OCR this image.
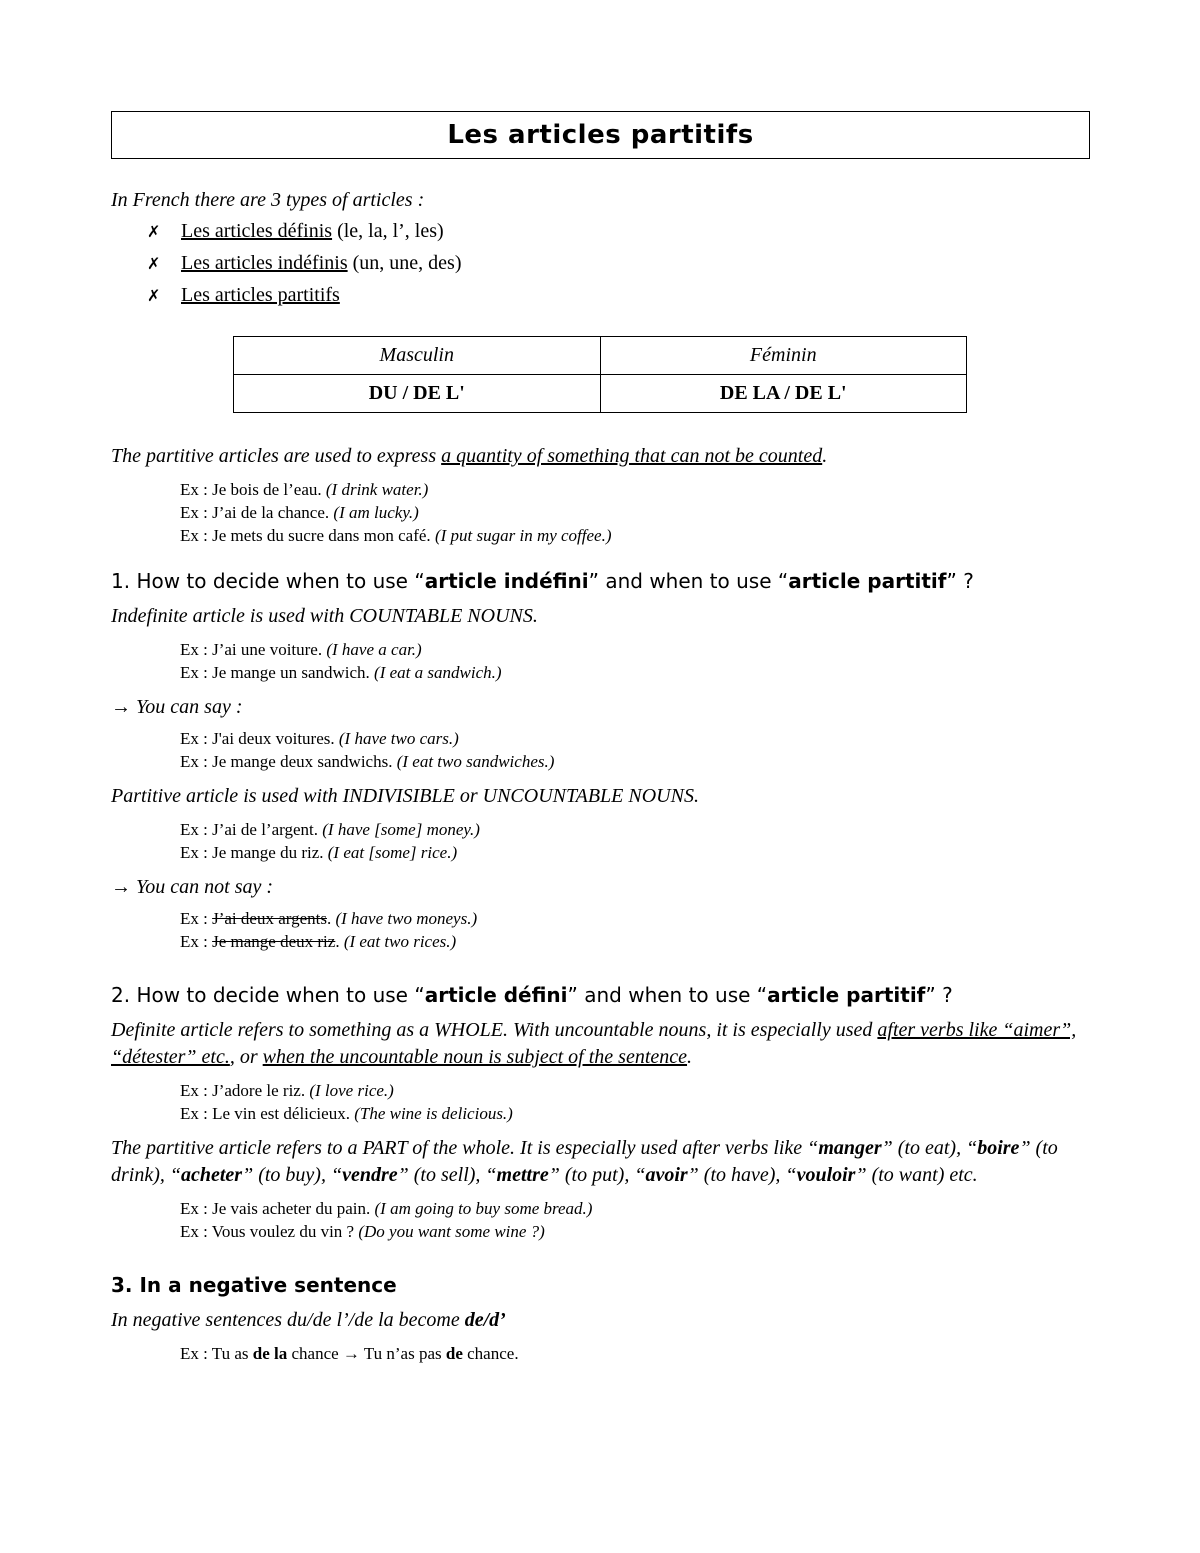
Les articles partitifs
In French there are 3 types of articles :
✗ Les articles définis (le, la, l’, les)
✗ Les articles indéfinis (un, une, des)
✗ Les articles partitifs
Masculin	Féminin
DU / DE L'	DE LA / DE L'
The partitive articles are used to express a quantity of something that can not be counted.
Ex : Je bois de l’eau. (I drink water.)
Ex : J’ai de la chance. (I am lucky.)
Ex : Je mets du sucre dans mon café. (I put sugar in my coffee.)
1. How to decide when to use “article indéfini” and when to use “article partitif” ?
Indefinite article is used with COUNTABLE NOUNS.
Ex : J’ai une voiture. (I have a car.)
Ex : Je mange un sandwich. (I eat a sandwich.)
→ You can say :
Ex : J'ai deux voitures. (I have two cars.)
Ex : Je mange deux sandwichs. (I eat two sandwiches.)
Partitive article is used with INDIVISIBLE or UNCOUNTABLE NOUNS.
Ex : J’ai de l’argent. (I have [some] money.)
Ex : Je mange du riz. (I eat [some] rice.)
→ You can not say :
Ex : J’ai deux argents. (I have two moneys.)
Ex : Je mange deux riz. (I eat two rices.)
2. How to decide when to use “article défini” and when to use “article partitif” ?
Definite article refers to something as a WHOLE. With uncountable nouns, it is especially used after verbs like “aimer”, “détester” etc., or when the uncountable noun is subject of the sentence.
Ex : J’adore le riz. (I love rice.)
Ex : Le vin est délicieux. (The wine is delicious.)
The partitive article refers to a PART of the whole. It is especially used after verbs like “manger” (to eat), “boire” (to drink), “acheter” (to buy), “vendre” (to sell), “mettre” (to put), “avoir” (to have), “vouloir” (to want) etc.
Ex : Je vais acheter du pain. (I am going to buy some bread.)
Ex : Vous voulez du vin ? (Do you want some wine ?)
3. In a negative sentence
In negative sentences du/de l’/de la become de/d’
Ex : Tu as de la chance → Tu n’as pas de chance.
